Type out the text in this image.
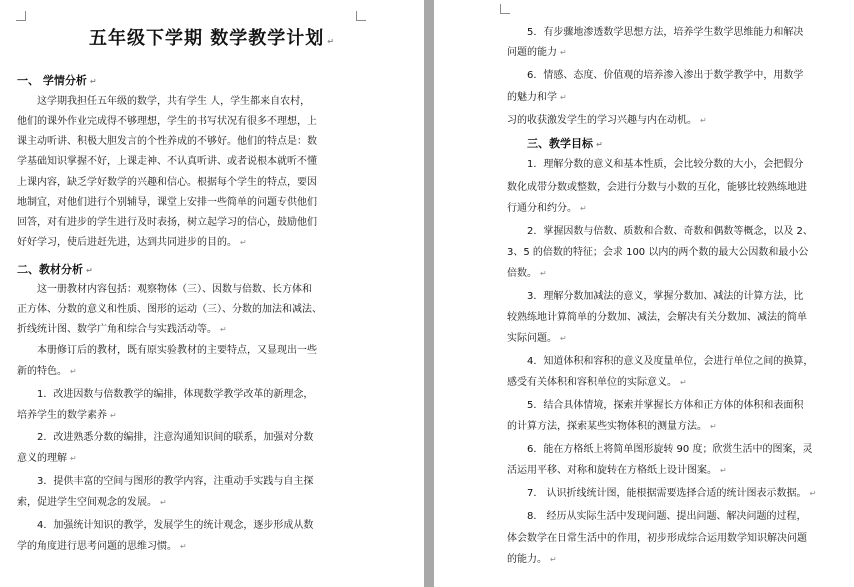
五年级下学期 数学教学计划 ↵
一、 学情分析 ↵
这学期我担任五年级的数学，共有学生 人，学生都来自农村，
他们的课外作业完成得不够理想，学生的书写状况有很多不理想，上
课主动听讲、积极大胆发言的个性养成的不够好。他们的特点是：数
学基础知识掌握不好，上课走神、不认真听讲、或者说根本就听不懂
上课内容，缺乏学好数学的兴趣和信心。根据每个学生的特点，要因
地制宜，对他们进行个别辅导，课堂上安排一些简单的问题专供他们
回答，对有进步的学生进行及时表扬，树立起学习的信心，鼓励他们
好好学习，使后进赶先进，达到共同进步的目的。 ↵
二、教材分析 ↵
这一册教材内容包括：观察物体（三）、因数与倍数、长方体和
正方体、分数的意义和性质、图形的运动（三）、分数的加法和减法、
折线统计图、数学广角和综合与实践活动等。 ↵
本册修订后的教材，既有原实验教材的主要特点，又显现出一些
新的特色。 ↵
1．改进因数与倍数教学的编排，体现数学教学改革的新理念，
培养学生的数学素养 ↵
2．改进熟悉分数的编排，注意沟通知识间的联系，加强对分数
意义的理解 ↵
3．提供丰富的空间与图形的教学内容，注重动手实践与自主探
索，促进学生空间观念的发展。 ↵
4．加强统计知识的教学，发展学生的统计观念，逐步形成从数
学的角度进行思考问题的思维习惯。 ↵
5．有步骤地渗透数学思想方法，培养学生数学思维能力和解决
问题的能力 ↵
6．情感、态度、价值观的培养渗入渗出于数学教学中，用数学
的魅力和学 ↵
习的收获激发学生的学习兴趣与内在动机。 ↵
三、教学目标 ↵
1．理解分数的意义和基本性质，会比较分数的大小，会把假分
数化成带分数或整数，会进行分数与小数的互化，能够比较熟练地进
行通分和约分。 ↵
2．掌握因数与倍数、质数和合数、奇数和偶数等概念，以及 2、
3、5 的倍数的特征；会求 100 以内的两个数的最大公因数和最小公
倍数。 ↵
3．理解分数加减法的意义，掌握分数加、减法的计算方法，比
较熟练地计算简单的分数加、减法，会解决有关分数加、减法的简单
实际问题。 ↵
4．知道体积和容积的意义及度量单位，会进行单位之间的换算，
感受有关体积和容积单位的实际意义。 ↵
5．结合具体情境，探索并掌握长方体和正方体的体积和表面积
的计算方法，探索某些实物体积的测量方法。 ↵
6．能在方格纸上将简单图形旋转 90 度；欣赏生活中的图案，灵
活运用平移、对称和旋转在方格纸上设计图案。 ↵
7． 认识折线统计图，能根据需要选择合适的统计图表示数据。 ↵
8． 经历从实际生活中发现问题、提出问题、解决问题的过程，
体会数学在日常生活中的作用，初步形成综合运用数学知识解决问题
的能力。 ↵
